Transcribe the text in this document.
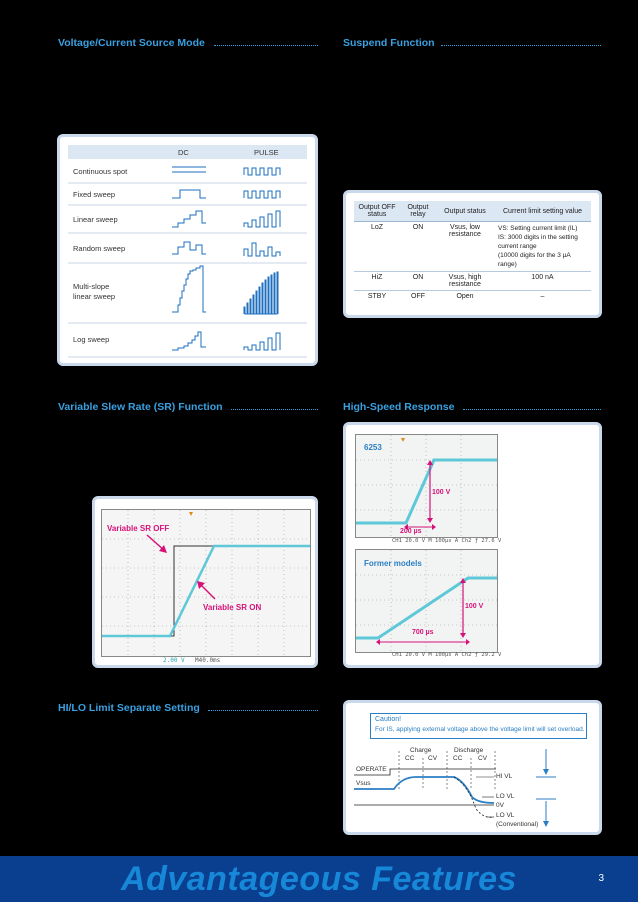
Voltage/Current Source Mode	Suspend Function
Variable Slew Rate (SR) Function	High-Speed Response
HI/LO Limit Separate Setting
DC	PULSE
Continuous spot
Fixed sweep
Linear sweep
Random sweep
Multi-slope
linear sweep
Log sweep
Output OFF status	Output relay	Output status	Current limit setting value
LoZ	ON	Vsus, low resistance	VS: Setting current limit (IL)
IS: 3000 digits in the setting current range
(10000 digits for the 3 µA range)
HiZ	ON	Vsus, high resistance	100 nA
STBY	OFF	Open	–
Variable SR OFF
Variable SR ON
2.00 V M40.0ms
6253
100 V
200 µs
CH1 20.0 V M 100µs A Ch2 ƒ 27.6 V
Former models
100 V
700 µs
CH1 20.0 V M 100µs A Ch2 ƒ 29.2 V
Caution!
For IS, applying external voltage above the voltage limit will set overload.
Charge	Discharge
CC CV CC CV
OPERATE
Vsus
HI VL
LO VL
0V
LO VL
(Conventional)
Advantageous Features	3
